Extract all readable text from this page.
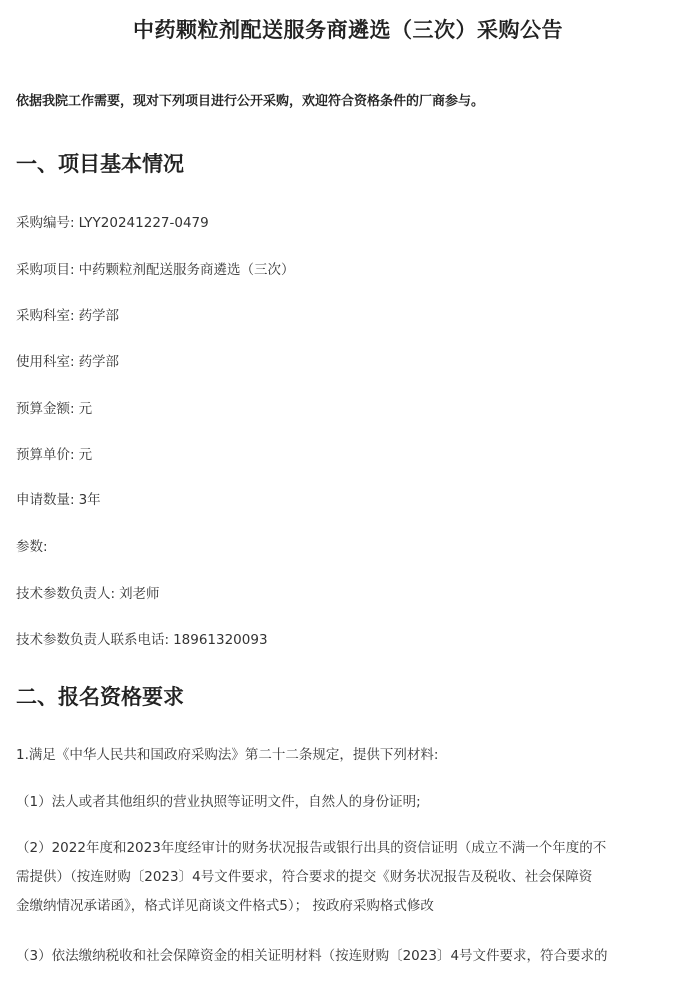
中药颗粒剂配送服务商遴选（三次）采购公告
依据我院工作需要，现对下列项目进行公开采购，欢迎符合资格条件的厂商参与。
一、项目基本情况
采购编号: LYY20241227-0479
采购项目: 中药颗粒剂配送服务商遴选（三次）
采购科室: 药学部
使用科室: 药学部
预算金额: 元
预算单价: 元
申请数量: 3年
参数:
技术参数负责人: 刘老师
技术参数负责人联系电话: 18961320093
二、报名资格要求
1.满足《中华人民共和国政府采购法》第二十二条规定，提供下列材料:
（1）法人或者其他组织的营业执照等证明文件，自然人的身份证明;
（2）2022年度和2023年度经审计的财务状况报告或银行出具的资信证明（成立不满一个年度的不
需提供）（按连财购〔2023〕4号文件要求，符合要求的提交《财务状况报告及税收、社会保障资
金缴纳情况承诺函》，格式详见商谈文件格式5）； 按政府采购格式修改
（3）依法缴纳税收和社会保障资金的相关证明材料（按连财购〔2023〕4号文件要求，符合要求的
